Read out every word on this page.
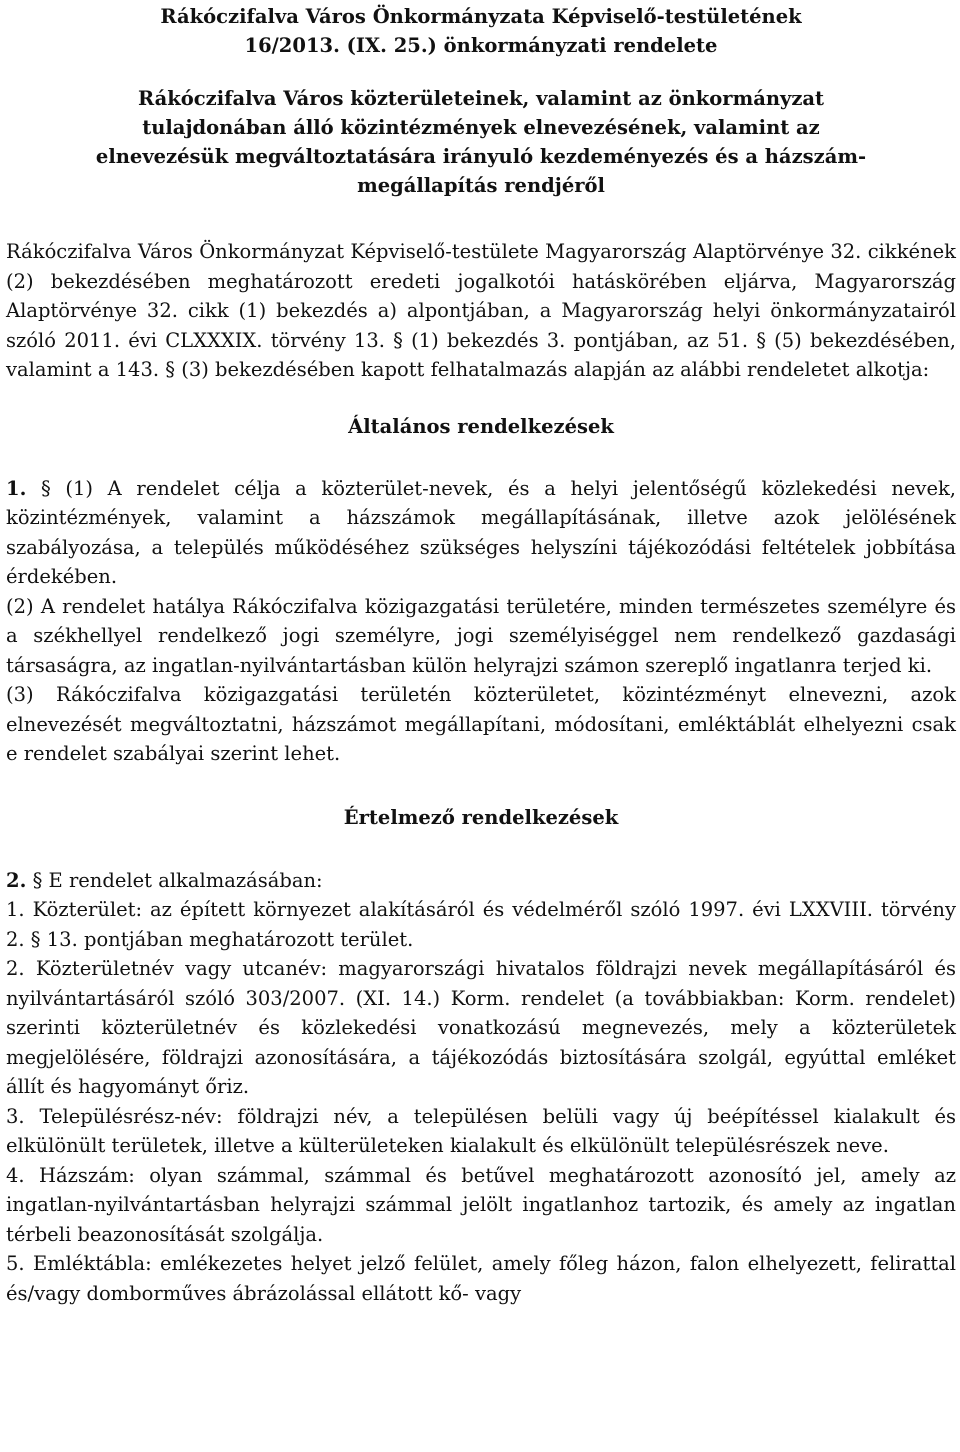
Rákóczifalva Város Önkormányzata Képviselő-testületének

16/2013. (IX. 25.) önkormányzati rendelete

Rákóczifalva Város közterületeinek, valamint az önkormányzat

tulajdonában álló közintézmények elnevezésének, valamint az

elnevezésük megváltoztatására irányuló kezdeményezés és a házszám-

megállapítás rendjéről

Rákóczifalva Város Önkormányzat Képviselő-testülete Magyarország Alaptörvénye 32. cikkének (2) bekezdésében meghatározott eredeti jogalkotói hatáskörében eljárva, Magyarország Alaptörvénye 32. cikk (1) bekezdés a) alpontjában, a Magyarország helyi önkormányzatairól szóló 2011. évi CLXXXIX. törvény 13. § (1) bekezdés 3. pontjában, az 51. § (5) bekezdésében, valamint a 143. § (3) bekezdésében kapott felhatalmazás alapján az alábbi rendeletet alkotja:

Általános rendelkezések

1. § (1) A rendelet célja a közterület-nevek, és a helyi jelentőségű közlekedési nevek, közintézmények, valamint a házszámok megállapításának, illetve azok jelölésének szabályozása, a település működéséhez szükséges helyszíni tájékozódási feltételek jobbítása érdekében.

(2) A rendelet hatálya Rákóczifalva közigazgatási területére, minden természetes személyre és a székhellyel rendelkező jogi személyre, jogi személyiséggel nem rendelkező gazdasági társaságra, az ingatlan-nyilvántartásban külön helyrajzi számon szereplő ingatlanra terjed ki.

(3) Rákóczifalva közigazgatási területén közterületet, közintézményt elnevezni, azok elnevezését megváltoztatni, házszámot megállapítani, módosítani, emléktáblát elhelyezni csak e rendelet szabályai szerint lehet.

Értelmező rendelkezések

2. § E rendelet alkalmazásában:

1. Közterület: az épített környezet alakításáról és védelméről szóló 1997. évi LXXVIII. törvény 2. § 13. pontjában meghatározott terület.

2. Közterületnév vagy utcanév: magyarországi hivatalos földrajzi nevek megállapításáról és nyilvántartásáról szóló 303/2007. (XI. 14.) Korm. rendelet (a továbbiakban: Korm. rendelet) szerinti közterületnév és közlekedési vonatkozású megnevezés, mely a közterületek megjelölésére, földrajzi azonosítására, a tájékozódás biztosítására szolgál, egyúttal emléket állít és hagyományt őriz.

3. Településrész-név: földrajzi név, a településen belüli vagy új beépítéssel kialakult és elkülönült területek, illetve a külterületeken kialakult és elkülönült településrészek neve.

4. Házszám: olyan számmal, számmal és betűvel meghatározott azonosító jel, amely az ingatlan-nyilvántartásban helyrajzi számmal jelölt ingatlanhoz tartozik, és amely az ingatlan térbeli beazonosítását szolgálja.

5. Emléktábla: emlékezetes helyet jelző felület, amely főleg házon, falon elhelyezett, felirattal és/vagy domborműves ábrázolással ellátott kő- vagy
